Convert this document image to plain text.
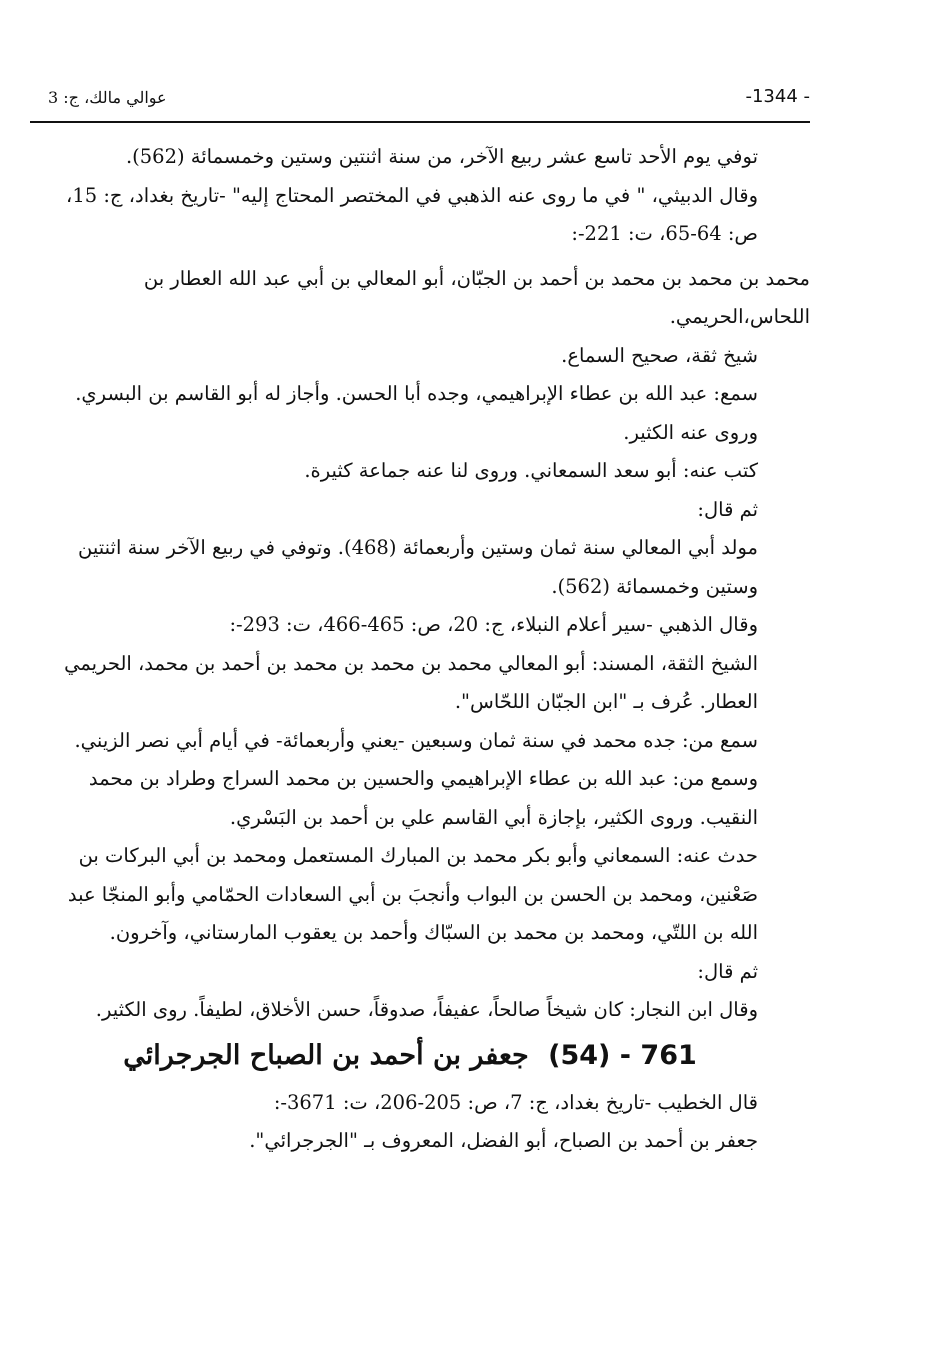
عوالي مالك، ج: 3	-1344 -

توفي يوم الأحد تاسع عشر ربيع الآخر، من سنة اثنتين وستين وخمسمائة (562).

وقال الدبيثي، " في ما روى عنه الذهبي في المختصر المحتاج إليه" -تاريخ بغداد، ج: 15، ص: 64-65، ت: 221-:

محمد بن محمد بن محمد بن أحمد بن الجبّان، أبو المعالي بن أبي عبد الله العطار بن اللحاس،الحريمي.

شيخ ثقة، صحيح السماع.

سمع: عبد الله بن عطاء الإبراهيمي، وجده أبا الحسن. وأجاز له أبو القاسم بن البسري.

وروى عنه الكثير.

كتب عنه: أبو سعد السمعاني. وروى لنا عنه جماعة كثيرة.

ثم قال:

مولد أبي المعالي سنة ثمان وستين وأربعمائة (468). وتوفي في ربيع الآخر سنة اثنتين وستين وخمسمائة (562).

وقال الذهبي -سير أعلام النبلاء، ج: 20، ص: 465-466، ت: 293-:

الشيخ الثقة، المسند: أبو المعالي محمد بن محمد بن محمد بن أحمد بن محمد، الحريمي العطار. عُرف بـ "ابن الجبّان اللحّاس".

سمع من: جده محمد في سنة ثمان وسبعين -يعني وأربعمائة- في أيام أبي نصر الزيني.

وسمع من: عبد الله بن عطاء الإبراهيمي والحسين بن محمد السراج وطراد بن محمد النقيب. وروى الكثير، بإجازة أبي القاسم علي بن أحمد بن البَسْري.

حدث عنه: السمعاني وأبو بكر محمد بن المبارك المستعمل ومحمد بن أبي البركات بن صَعْنين، ومحمد بن الحسن بن البواب وأنجبَ بن أبي السعادات الحمّامي وأبو المنجّا عبد الله بن اللتّي، ومحمد بن محمد بن السبّاك وأحمد بن يعقوب المارستاني، وآخرون.

ثم قال:

وقال ابن النجار: كان شيخاً صالحاً، عفيفاً، صدوقاً، حسن الأخلاق، لطيفاً. روى الكثير.

761 - (54) جعفر بن أحمد بن الصباح الجرجرائي

قال الخطيب -تاريخ بغداد، ج: 7، ص: 205-206، ت: 3671-:

جعفر بن أحمد بن الصباح، أبو الفضل، المعروف بـ "الجرجرائي".
